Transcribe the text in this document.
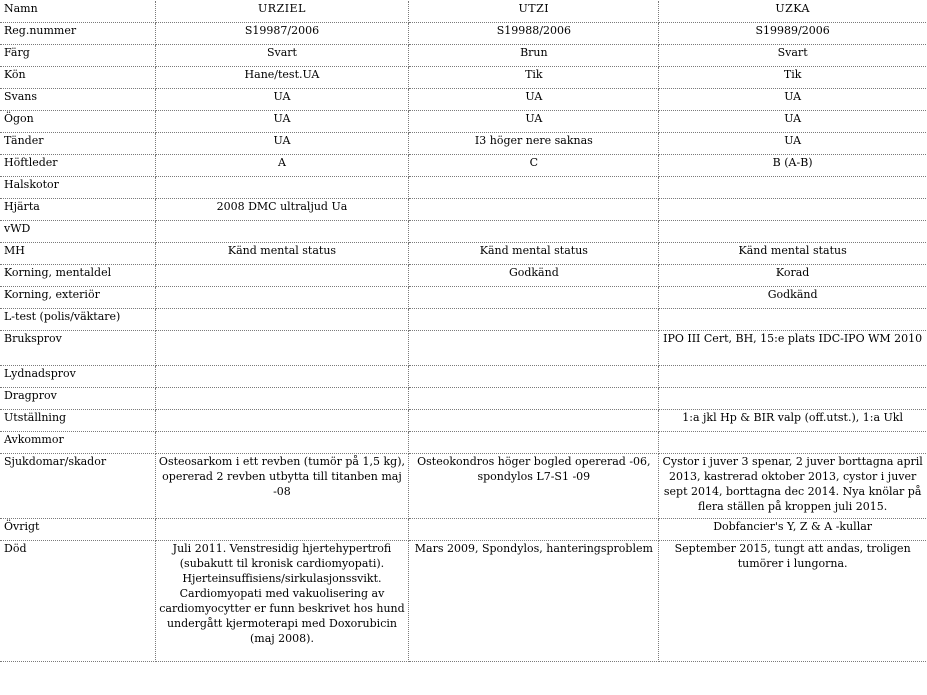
Namn	URZIEL	UTZI	UZKA
Reg.nummer	S19987/2006	S19988/2006	S19989/2006
Färg	Svart	Brun	Svart
Kön	Hane/test.UA	Tik	Tik
Svans	UA	UA	UA
Ögon	UA	UA	UA
Tänder	UA	I3 höger nere saknas	UA
Höftleder	A	C	B (A-B)
Halskotor			
Hjärta	2008 DMC ultraljud Ua		
vWD			
MH	Känd mental status	Känd mental status	Känd mental status
Korning, mentaldel		Godkänd	Korad
Korning, exteriör			Godkänd
L-test (polis/väktare)			
Bruksprov			IPO III Cert, BH, 15:e plats IDC-IPO WM 2010
Lydnadsprov			
Dragprov			
Utställning			1:a jkl Hp & BIR valp (off.utst.), 1:a Ukl
Avkommor			
Sjukdomar/skador	Osteosarkom i ett revben (tumör på 1,5 kg), opererad 2 revben utbytta till titanben maj -08	Osteokondros höger bogled opererad -06, spondylos L7-S1 -09	Cystor i juver 3 spenar, 2 juver borttagna april 2013, kastrerad oktober 2013, cystor i juver sept 2014, borttagna dec 2014. Nya knölar på flera ställen på kroppen juli 2015.
Övrigt			Dobfancier's Y, Z & A -kullar
Död	Juli 2011. Venstresidig hjertehypertrofi (subakutt til kronisk cardiomyopati). Hjerteinsuffisiens/sirkulasjonssvikt. Cardiomyopati med vakuolisering av cardiomyocytter er funn beskrivet hos hund undergått kjermoterapi med Doxorubicin (maj 2008).	Mars 2009, Spondylos, hanteringsproblem	September 2015, tungt att andas, troligen tumörer i lungorna.
